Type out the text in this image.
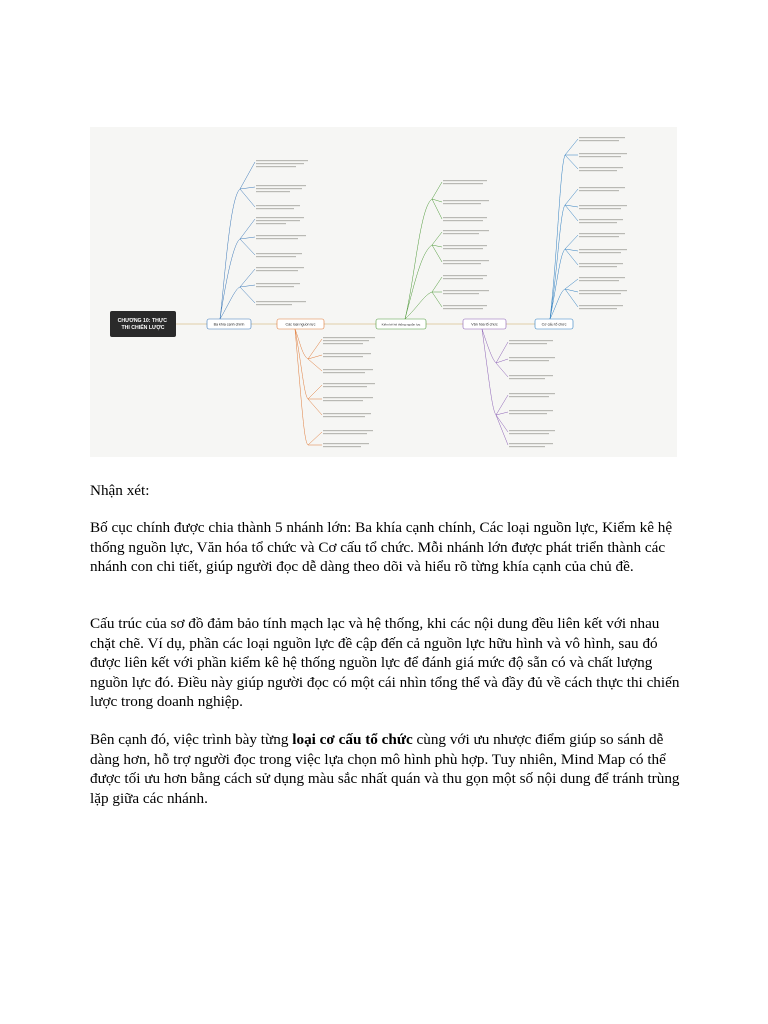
CHƯƠNG 10: THỰC THI CHIẾN LƯỢC
Ba khía cạnh chính	Các loại nguồn lực	Kiểm kê hệ thống nguồn lực	Văn hóa tổ chức	Cơ cấu tổ chức

Nhận xét:

Bố cục chính được chia thành 5 nhánh lớn: Ba khía cạnh chính, Các loại nguồn lực, Kiểm kê hệ thống nguồn lực, Văn hóa tổ chức và Cơ cấu tổ chức. Mỗi nhánh lớn được phát triển thành các nhánh con chi tiết, giúp người đọc dễ dàng theo dõi và hiểu rõ từng khía cạnh của chủ đề.

Cấu trúc của sơ đồ đảm bảo tính mạch lạc và hệ thống, khi các nội dung đều liên kết với nhau chặt chẽ. Ví dụ, phần các loại nguồn lực đề cập đến cả nguồn lực hữu hình và vô hình, sau đó được liên kết với phần kiểm kê hệ thống nguồn lực để đánh giá mức độ sẵn có và chất lượng nguồn lực đó. Điều này giúp người đọc có một cái nhìn tổng thể và đầy đủ về cách thực thi chiến lược trong doanh nghiệp.

Bên cạnh đó, việc trình bày từng loại cơ cấu tổ chức cùng với ưu nhược điểm giúp so sánh dễ dàng hơn, hỗ trợ người đọc trong việc lựa chọn mô hình phù hợp. Tuy nhiên, Mind Map có thể được tối ưu hơn bằng cách sử dụng màu sắc nhất quán và thu gọn một số nội dung để tránh trùng lặp giữa các nhánh.
